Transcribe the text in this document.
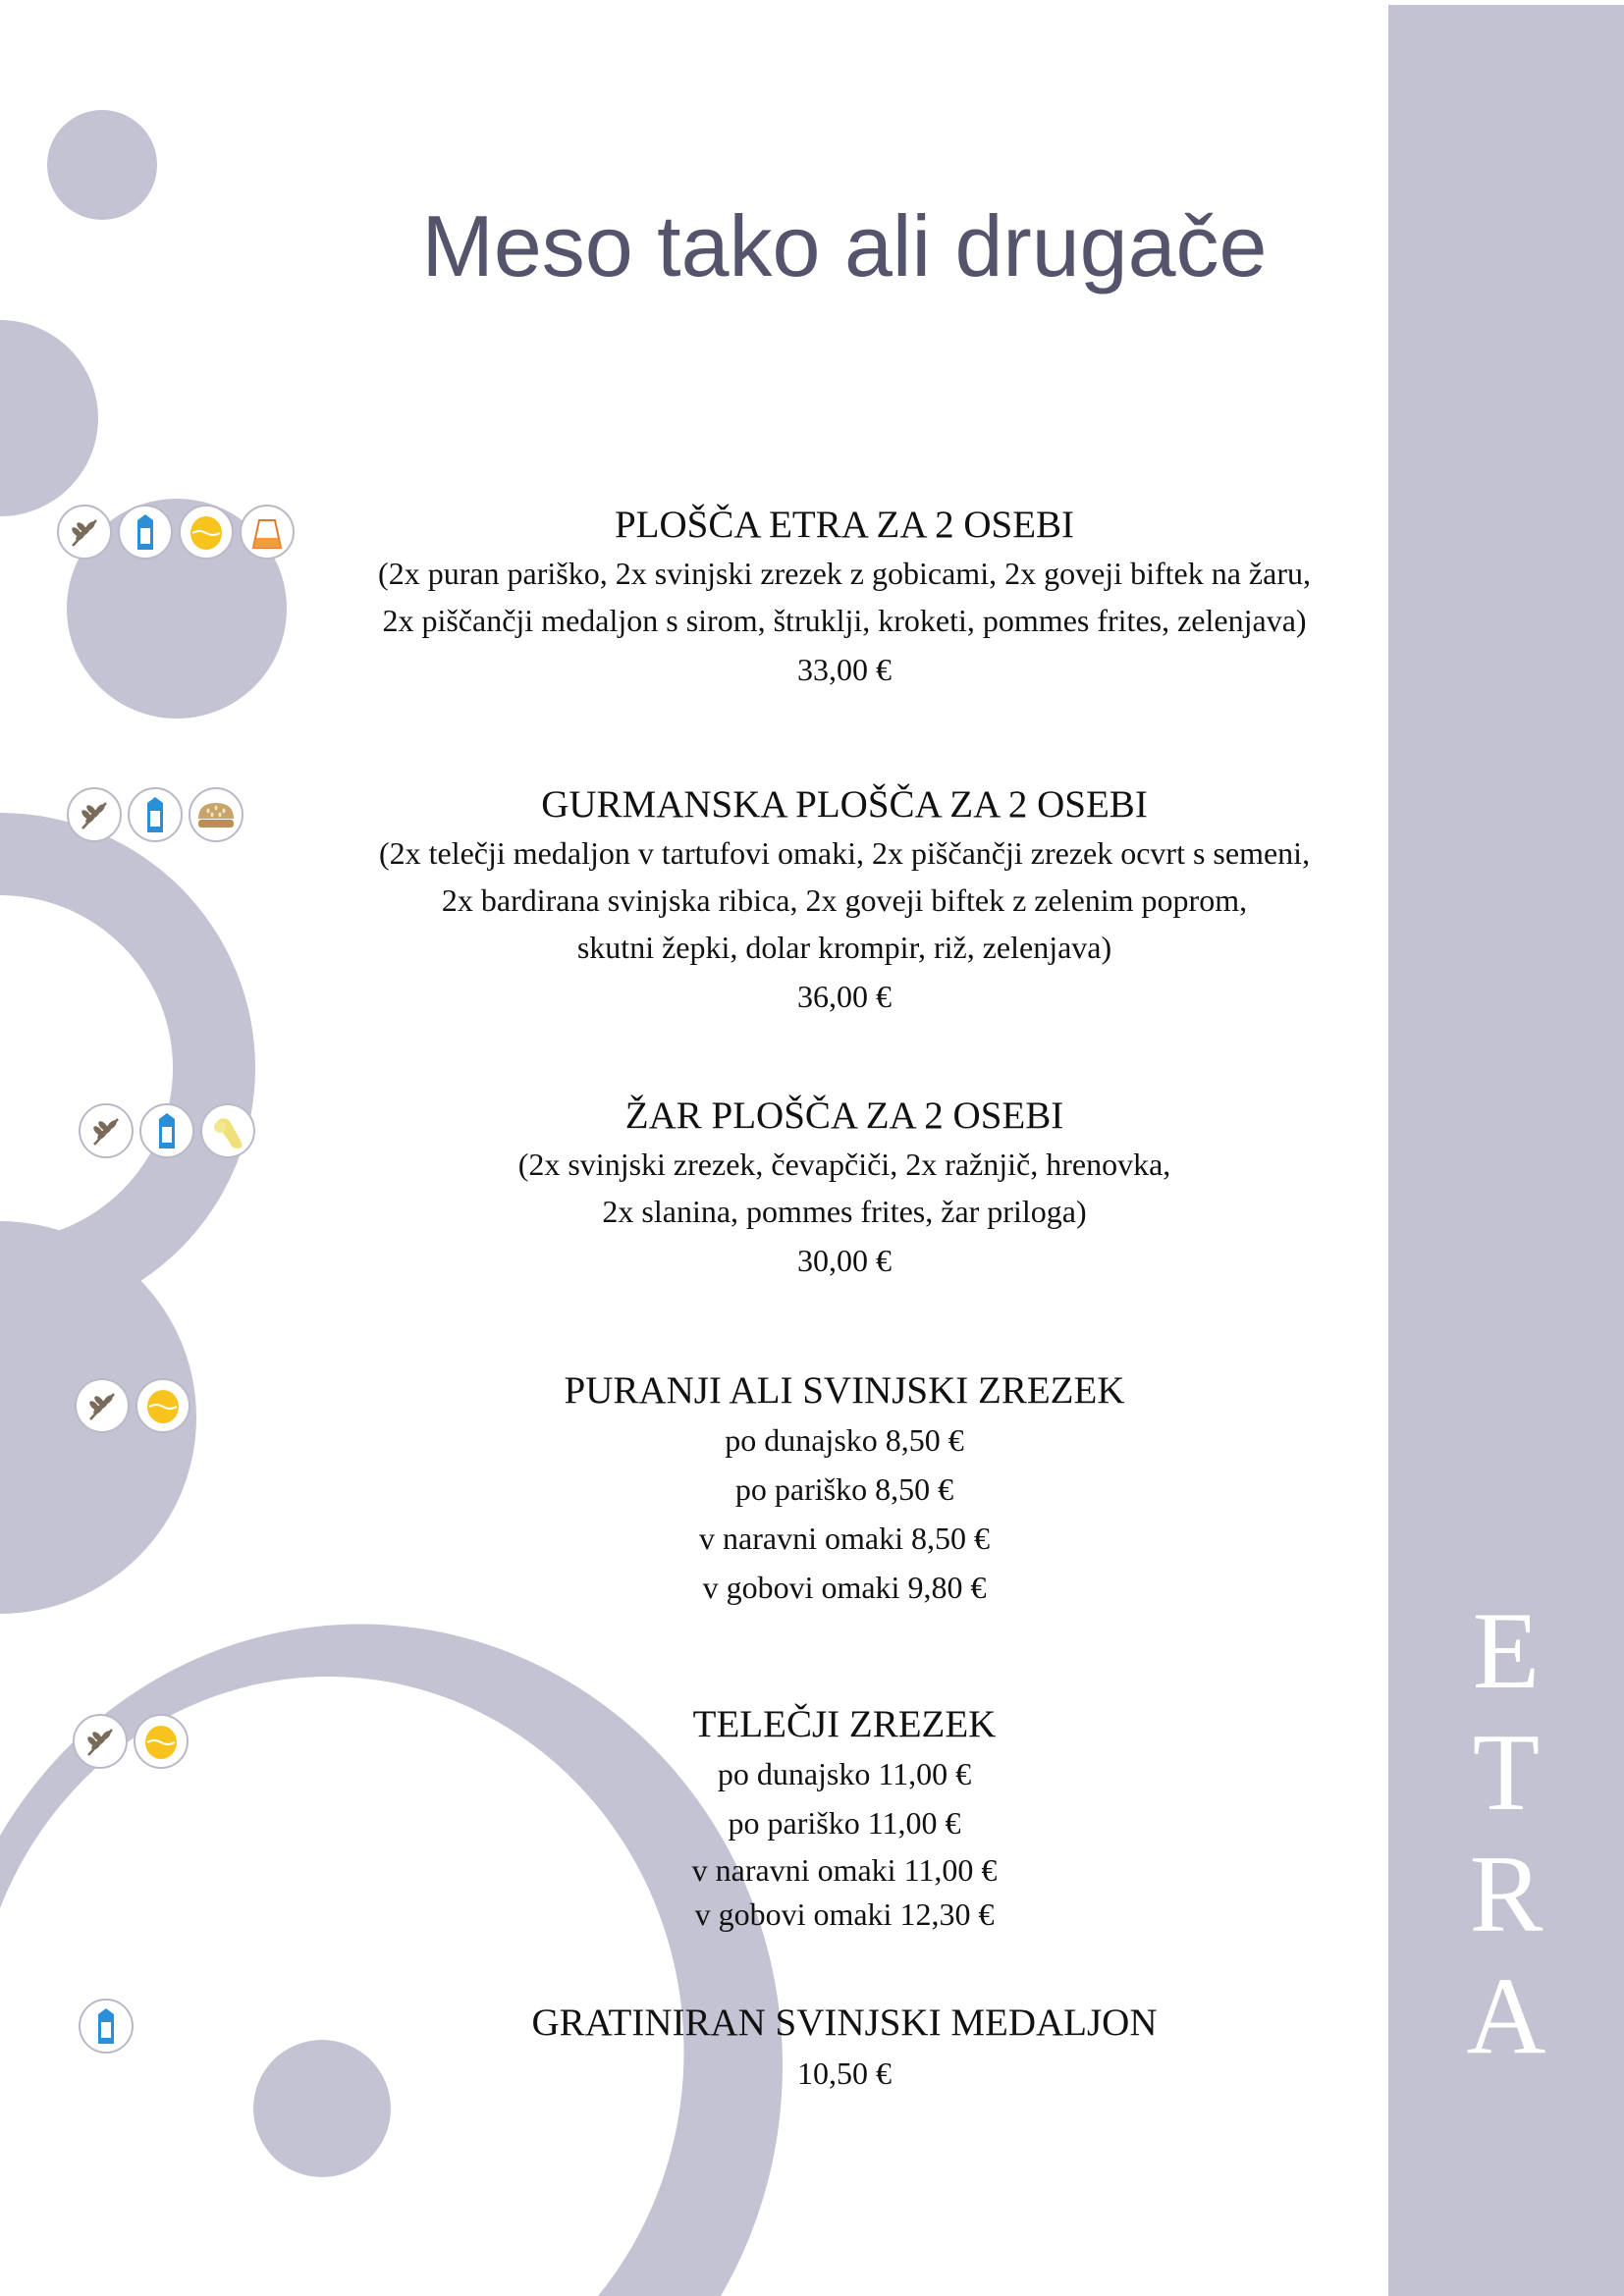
E
T
R
A
Meso tako ali drugače

PLOŠČA ETRA ZA 2 OSEBI

(2x puran pariško, 2x svinjski zrezek z gobicami, 2x goveji biftek na žaru,

2x piščančji medaljon s sirom, štruklji, kroketi, pommes frites, zelenjava)

33,00 €

GURMANSKA PLOŠČA ZA 2 OSEBI

(2x telečji medaljon v tartufovi omaki, 2x piščančji zrezek ocvrt s semeni,

2x bardirana svinjska ribica, 2x goveji biftek z zelenim poprom,

skutni žepki, dolar krompir, riž, zelenjava)

36,00 €

ŽAR PLOŠČA ZA 2 OSEBI

(2x svinjski zrezek, čevapčiči, 2x ražnjič, hrenovka,

2x slanina, pommes frites, žar priloga)

30,00 €

PURANJI ALI SVINJSKI ZREZEK

po dunajsko 8,50 €

po pariško 8,50 €

v naravni omaki 8,50 €

v gobovi omaki 9,80 €

TELEČJI ZREZEK

po dunajsko 11,00 €

po pariško 11,00 €

v naravni omaki 11,00 €

v gobovi omaki 12,30 €

GRATINIRAN SVINJSKI MEDALJON

10,50 €
